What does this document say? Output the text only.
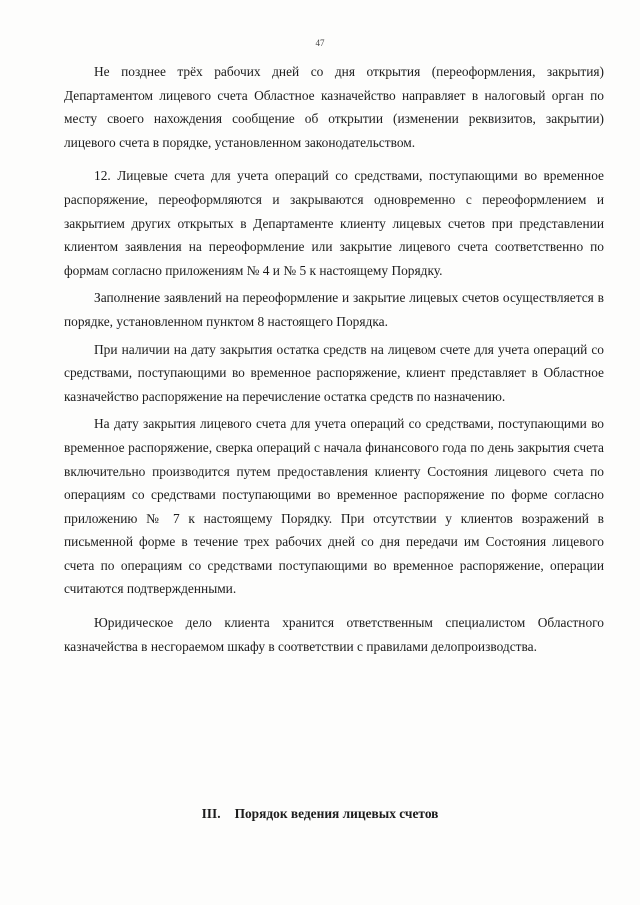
47

Не позднее трёх рабочих дней со дня открытия (переоформления, закрытия) Департаментом лицевого счета Областное казначейство направляет в налоговый орган по месту своего нахождения сообщение об открытии (изменении реквизитов, закрытии) лицевого счета в порядке, установленном законодательством.

12. Лицевые счета для учета операций со средствами, поступающими во временное распоряжение, переоформляются и закрываются одновременно с переоформлением и закрытием других открытых в Департаменте клиенту лицевых счетов при представлении клиентом заявления на переоформление или закрытие лицевого счета соответственно по формам согласно приложениям № 4 и № 5 к настоящему Порядку.

Заполнение заявлений на переоформление и закрытие лицевых счетов осуществляется в порядке, установленном пунктом 8 настоящего Порядка.

При наличии на дату закрытия остатка средств на лицевом счете для учета операций со средствами, поступающими во временное распоряжение, клиент представляет в Областное казначейство распоряжение на перечисление остатка средств по назначению.

На дату закрытия лицевого счета для учета операций со средствами, поступающими во временное распоряжение, сверка операций с начала финансового года по день закрытия счета включительно производится путем предоставления клиенту Состояния лицевого счета по операциям со средствами поступающими во временное распоряжение по форме согласно приложению № 7 к настоящему Порядку. При отсутствии у клиентов возражений в письменной форме в течение трех рабочих дней со дня передачи им Состояния лицевого счета по операциям со средствами поступающими во временное распоряжение, операции считаются подтвержденными.

Юридическое дело клиента хранится ответственным специалистом Областного казначейства в несгораемом шкафу в соответствии с правилами делопроизводства.

III. Порядок ведения лицевых счетов
